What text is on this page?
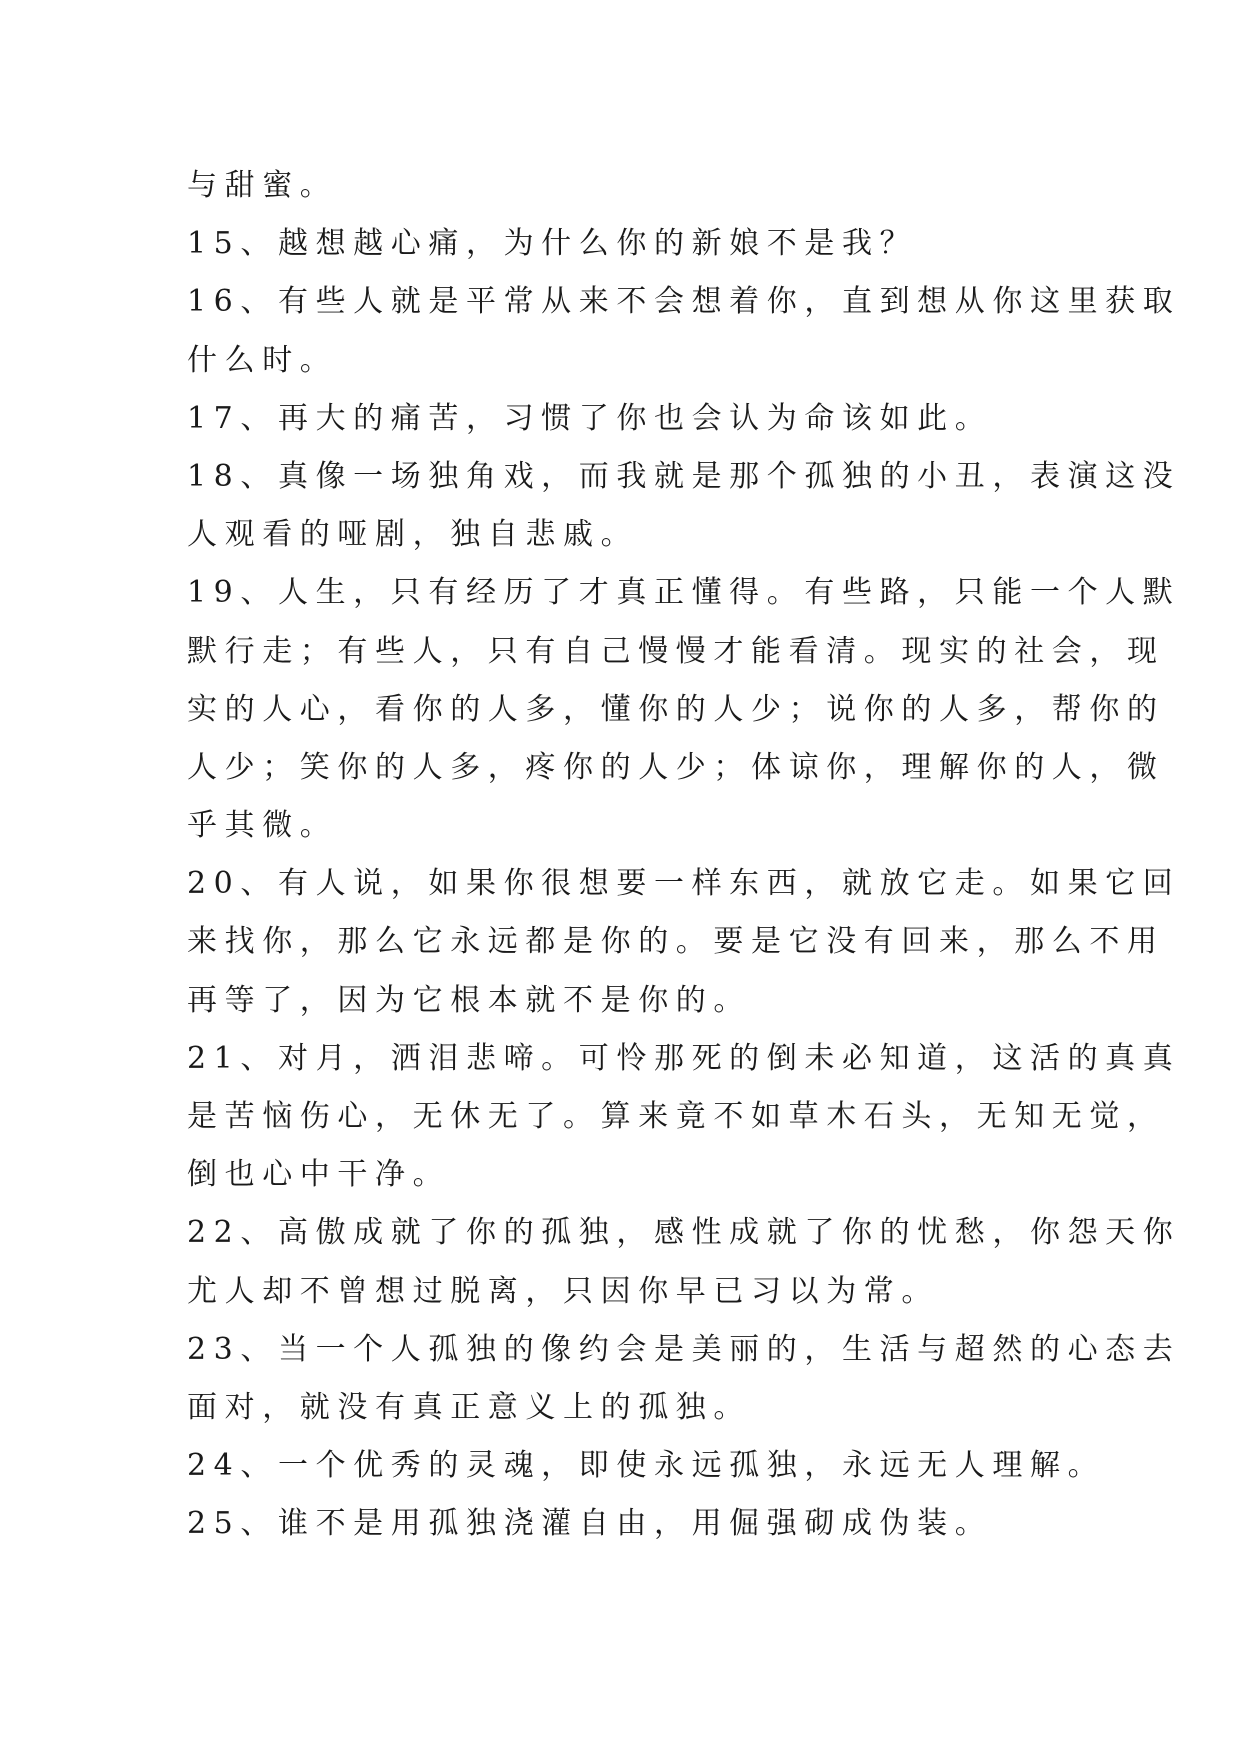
与甜蜜。
15、越想越心痛，为什么你的新娘不是我？
16、有些人就是平常从来不会想着你，直到想从你这里获取
什么时。
17、再大的痛苦，习惯了你也会认为命该如此。
18、真像一场独角戏，而我就是那个孤独的小丑，表演这没
人观看的哑剧，独自悲戚。
19、人生，只有经历了才真正懂得。有些路，只能一个人默
默行走；有些人，只有自己慢慢才能看清。现实的社会，现
实的人心，看你的人多，懂你的人少；说你的人多，帮你的
人少；笑你的人多，疼你的人少；体谅你，理解你的人，微
乎其微。
20、有人说，如果你很想要一样东西，就放它走。如果它回
来找你，那么它永远都是你的。要是它没有回来，那么不用
再等了，因为它根本就不是你的。
21、对月，洒泪悲啼。可怜那死的倒未必知道，这活的真真
是苦恼伤心，无休无了。算来竟不如草木石头，无知无觉，
倒也心中干净。
22、高傲成就了你的孤独，感性成就了你的忧愁，你怨天你
尤人却不曾想过脱离，只因你早已习以为常。
23、当一个人孤独的像约会是美丽的，生活与超然的心态去
面对，就没有真正意义上的孤独。
24、一个优秀的灵魂，即使永远孤独，永远无人理解。
25、谁不是用孤独浇灌自由，用倔强砌成伪装。
